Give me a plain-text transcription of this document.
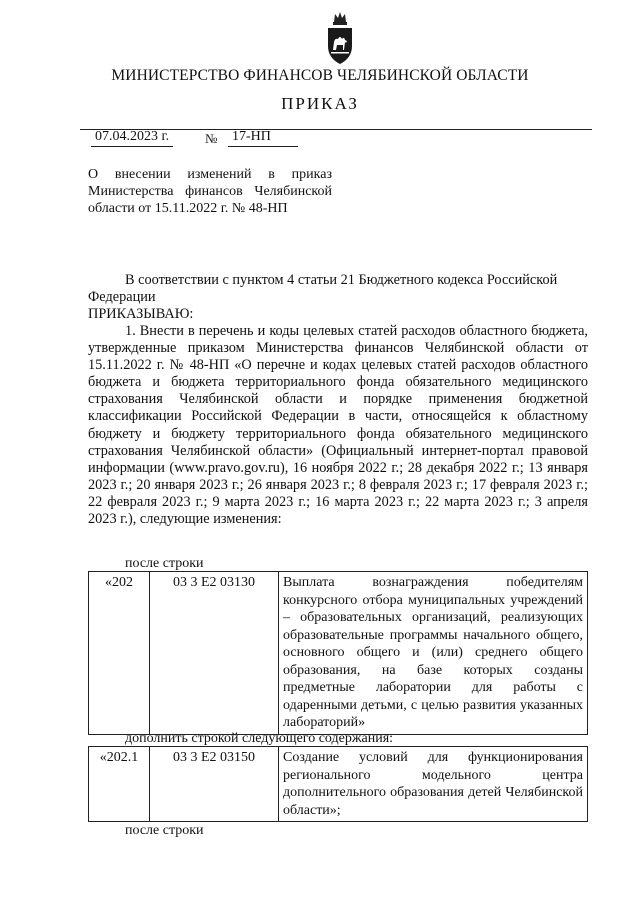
МИНИСТЕРСТВО ФИНАНСОВ ЧЕЛЯБИНСКОЙ ОБЛАСТИ
ПРИКАЗ
07.04.2023 г.	№ 17-НП
О внесении изменений в приказ Министерства финансов Челябинской области от 15.11.2022 г. № 48-НП
В соответствии с пунктом 4 статьи 21 Бюджетного кодекса Российской Федерации
ПРИКАЗЫВАЮ:
1. Внести в перечень и коды целевых статей расходов областного бюджета, утвержденные приказом Министерства финансов Челябинской области от 15.11.2022 г. № 48-НП «О перечне и кодах целевых статей расходов областного бюджета и бюджета территориального фонда обязательного медицинского страхования Челябинской области и порядке применения бюджетной классификации Российской Федерации в части, относящейся к областному бюджету и бюджету территориального фонда обязательного медицинского страхования Челябинской области» (Официальный интернет-портал правовой информации (www.pravo.gov.ru), 16 ноября 2022 г.; 28 декабря 2022 г.; 13 января 2023 г.; 20 января 2023 г.; 26 января 2023 г.; 8 февраля 2023 г.; 17 февраля 2023 г.; 22 февраля 2023 г.; 9 марта 2023 г.; 16 марта 2023 г.; 22 марта 2023 г.; 3 апреля 2023 г.), следующие изменения:
после строки
«202	03 3 Е2 03130	Выплата вознаграждения победителям конкурсного отбора муниципальных учреждений – образовательных организаций, реализующих образовательные программы начального общего, основного общего и (или) среднего общего образования, на базе которых созданы предметные лаборатории для работы с одаренными детьми, с целью развития указанных лабораторий»
дополнить строкой следующего содержания:
«202.1	03 3 Е2 03150	Создание условий для функционирования регионального модельного центра дополнительного образования детей Челябинской области»;
после строки
